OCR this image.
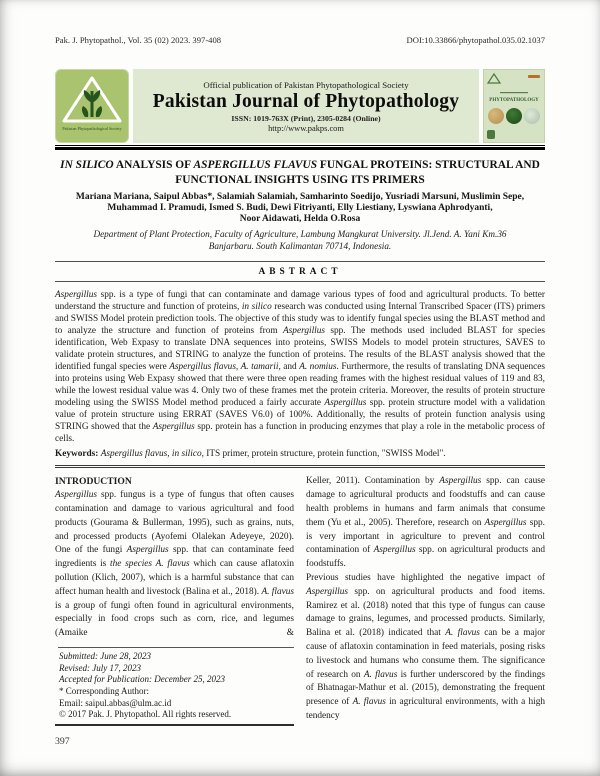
Pak. J. Phytopathol., Vol. 35 (02) 2023. 397-408	DOI:10.33866/phytopathol.035.02.1037
Pakistan Phytopathological Society
Official publication of Pakistan Phytopathological Society
Pakistan Journal of Phytopathology
ISSN: 1019-763X (Print), 2305-0284 (Online)
http://www.pakps.com
PHYTOPATHOLOGY
IN SILICO ANALYSIS OF ASPERGILLUS FLAVUS FUNGAL PROTEINS: STRUCTURAL AND FUNCTIONAL INSIGHTS USING ITS PRIMERS
Mariana Mariana, Saipul Abbas*, Salamiah Salamiah, Samharinto Soedijo, Yusriadi Marsuni, Muslimin Sepe,
Muhammad I. Pramudi, Ismed S. Budi, Dewi Fitriyanti, Elly Liestiany, Lyswiana Aphrodyanti,
Noor Aidawati, Helda O.Rosa
Department of Plant Protection, Faculty of Agriculture, Lambung Mangkurat University. Jl.Jend. A. Yani Km.36
Banjarbaru. South Kalimantan 70714, Indonesia.
ABSTRACT
Aspergillus spp. is a type of fungi that can contaminate and damage various types of food and agricultural products. To better understand the structure and function of proteins, in silico research was conducted using Internal Transcribed Spacer (ITS) primers and SWISS Model protein prediction tools. The objective of this study was to identify fungal species using the BLAST method and to analyze the structure and function of proteins from Aspergillus spp. The methods used included BLAST for species identification, Web Expasy to translate DNA sequences into proteins, SWISS Models to model protein structures, SAVES to validate protein structures, and STRING to analyze the function of proteins. The results of the BLAST analysis showed that the identified fungal species were Aspergillus flavus, A. tamarii, and A. nomius. Furthermore, the results of translating DNA sequences into proteins using Web Expasy showed that there were three open reading frames with the highest residual values of 119 and 83, while the lowest residual value was 4. Only two of these frames met the protein criteria. Moreover, the results of protein structure modeling using the SWISS Model method produced a fairly accurate Aspergillus spp. protein structure model with a validation value of protein structure using ERRAT (SAVES V6.0) of 100%. Additionally, the results of protein function analysis using STRING showed that the Aspergillus spp. protein has a function in producing enzymes that play a role in the metabolic process of cells.
Keywords: Aspergillus flavus, in silico, ITS primer, protein structure, protein function, "SWISS Model".
INTRODUCTION
Aspergillus spp. fungus is a type of fungus that often causes contamination and damage to various agricultural and food products (Gourama & Bullerman, 1995), such as grains, nuts, and processed products (Ayofemi Olalekan Adeyeye, 2020). One of the fungi Aspergillus spp. that can contaminate feed ingredients is the species A. flavus which can cause aflatoxin pollution (Klich, 2007), which is a harmful substance that can affect human health and livestock (Balina et al., 2018). A. flavus is a group of fungi often found in agricultural environments, especially in food crops such as corn, rice, and legumes (Amaike &
Submitted: June 28, 2023
Revised: July 17, 2023
Accepted for Publication: December 25, 2023
* Corresponding Author:
Email: saipul.abbas@ulm.ac.id
© 2017 Pak. J. Phytopathol. All rights reserved.
397
Keller, 2011). Contamination by Aspergillus spp. can cause damage to agricultural products and foodstuffs and can cause health problems in humans and farm animals that consume them (Yu et al., 2005). Therefore, research on Aspergillus spp. is very important in agriculture to prevent and control contamination of Aspergillus spp. on agricultural products and foodstuffs.
Previous studies have highlighted the negative impact of Aspergillus spp. on agricultural products and food items. Ramirez et al. (2018) noted that this type of fungus can cause damage to grains, legumes, and processed products. Similarly, Balina et al. (2018) indicated that A. flavus can be a major cause of aflatoxin contamination in feed materials, posing risks to livestock and humans who consume them. The significance of research on A. flavus is further underscored by the findings of Bhatnagar-Mathur et al. (2015), demonstrating the frequent presence of A. flavus in agricultural environments, with a high tendency
